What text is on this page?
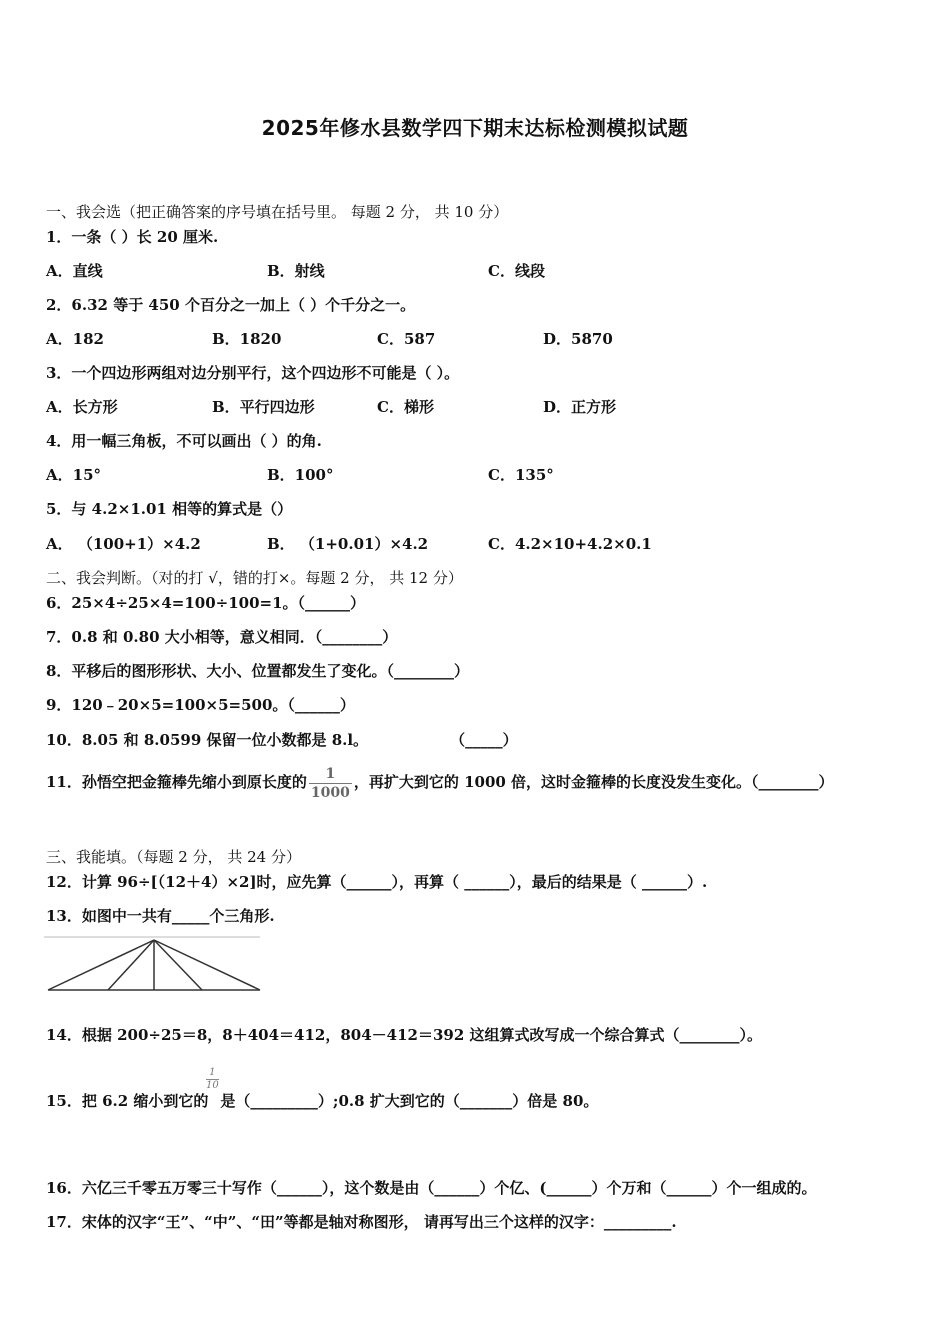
2025年修水县数学四下期末达标检测模拟试题
一、我会选（把正确答案的序号填在括号里。 每题 2 分， 共 10 分）
1．一条（ ）长 20 厘米.
A．直线	B．射线	C．线段
2．6.32 等于 450 个百分之一加上（ ）个千分之一。
A．182	B．1820	C．587	D．5870
3．一个四边形两组对边分别平行，这个四边形不可能是（ ）。
A．长方形	B．平行四边形	C．梯形	D．正方形
4．用一幅三角板，不可以画出（ ）的角.
A．15°	B．100°	C．135°
5．与 4.2×1.01 相等的算式是（）
A． （100+1）×4.2	B． （1+0.01）×4.2	C．4.2×10+4.2×0.1
二、我会判断。（对的打 √，错的打×。每题 2 分， 共 12 分）
6．25×4÷25×4=100÷100=1。（______）
7．0.8 和 0.80 大小相等，意义相同．（________）
8．平移后的图形形状、大小、位置都发生了变化。（________）
9．120﹣20×5=100×5=500。（______）
10．8.05 和 8.0599 保留一位小数都是 8.l。	（_____）
11．孙悟空把金箍棒先缩小到原长度的 $\frac{1}{1000}$ ，再扩大到它的 1000 倍，这时金箍棒的长度没发生变化。（________）
三、我能填。（每题 2 分， 共 24 分）
12．计算 96÷[（12＋4）×2]时，应先算（______），再算（ ______），最后的结果是（ ______）.
13．如图中一共有_____个三角形.
14．根据 200÷25＝8，8＋404＝412，804－412＝392 这组算式改写成一个综合算式（________）。
15．把 6.2 缩小到它的 是（_________）;0.8 扩大到它的（_______）倍是 80。
1
10
16．六亿三千零五万零三十写作（______），这个数是由（______）个亿、(______）个万和（______）个一组成的。
17．宋体的汉字“王”、“中”、“田”等都是轴对称图形， 请再写出三个这样的汉字：_________.
